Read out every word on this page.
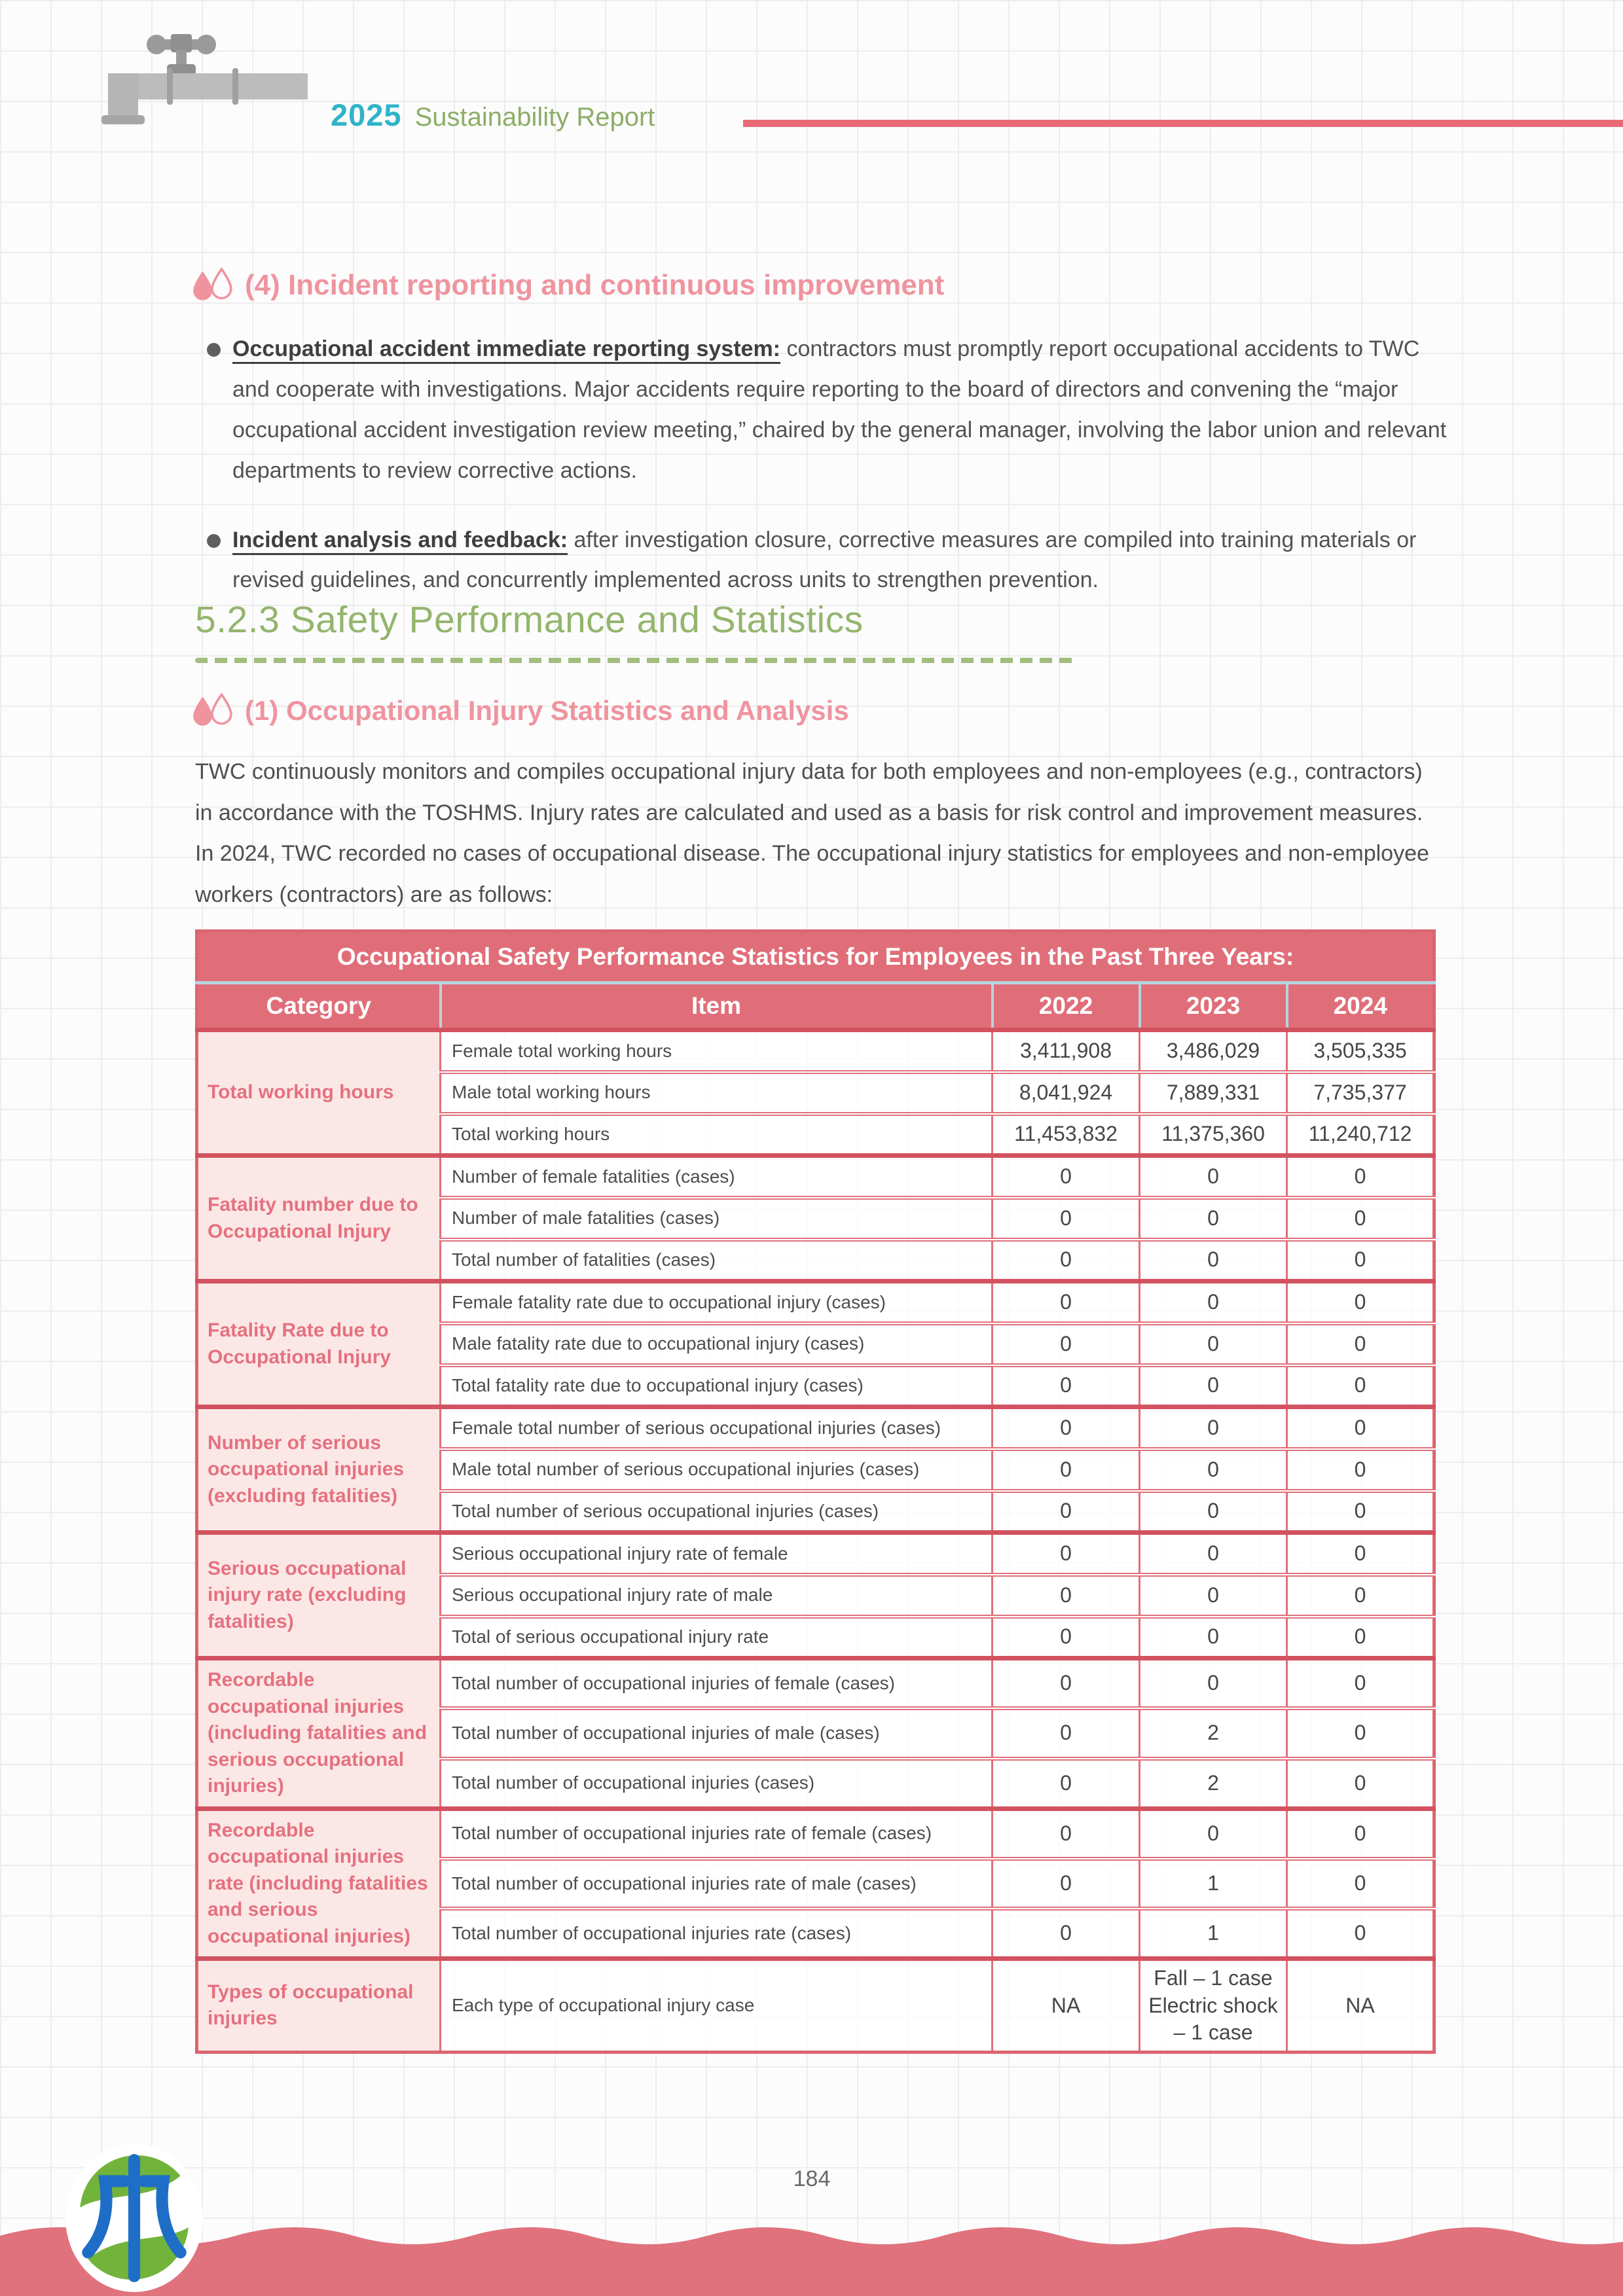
2025 Sustainability Report
(4) Incident reporting and continuous improvement

Occupational accident immediate reporting system: contractors must promptly report occupational accidents to TWC and cooperate with investigations. Major accidents require reporting to the board of directors and convening the “major occupational accident investigation review meeting,” chaired by the general manager, involving the labor union and relevant departments to review corrective actions.

Incident analysis and feedback: after investigation closure, corrective measures are compiled into training materials or revised guidelines, and concurrently implemented across units to strengthen prevention.

5.2.3 Safety Performance and Statistics
(1) Occupational Injury Statistics and Analysis

TWC continuously monitors and compiles occupational injury data for both employees and non-employees (e.g., contractors) in accordance with the TOSHMS. Injury rates are calculated and used as a basis for risk control and improvement measures. In 2024, TWC recorded no cases of occupational disease. The occupational injury statistics for employees and non-employee workers (contractors) are as follows:

Occupational Safety Performance Statistics for Employees in the Past Three Years:				
Category	Item	2022	2023	2024
Total working hours	Female total working hours	3,411,908	3,486,029	3,505,335
	Male total working hours	8,041,924	7,889,331	7,735,377
	Total working hours	11,453,832	11,375,360	11,240,712
Fatality number due to Occupational Injury	Number of female fatalities (cases)	0	0	0
	Number of male fatalities (cases)	0	0	0
	Total number of fatalities (cases)	0	0	0
Fatality Rate due to Occupational Injury	Female fatality rate due to occupational injury (cases)	0	0	0
	Male fatality rate due to occupational injury (cases)	0	0	0
	Total fatality rate due to occupational injury (cases)	0	0	0
Number of serious occupational injuries (excluding fatalities)	Female total number of serious occupational injuries (cases)	0	0	0
	Male total number of serious occupational injuries (cases)	0	0	0
	Total number of serious occupational injuries (cases)	0	0	0
Serious occupational injury rate (excluding fatalities)	Serious occupational injury rate of female	0	0	0
	Serious occupational injury rate of male	0	0	0
	Total of serious occupational injury rate	0	0	0
Recordable occupational injuries (including fatalities and serious occupational injuries)	Total number of occupational injuries of female (cases)	0	0	0
	Total number of occupational injuries of male (cases)	0	2	0
	Total number of occupational injuries (cases)	0	2	0
Recordable occupational injuries rate (including fatalities and serious occupational injuries)	Total number of occupational injuries rate of female (cases)	0	0	0
	Total number of occupational injuries rate of male (cases)	0	1	0
	Total number of occupational injuries rate (cases)	0	1	0
Types of occupational injuries	Each type of occupational injury case	NA	Fall – 1 case Electric shock – 1 case	NA
184
